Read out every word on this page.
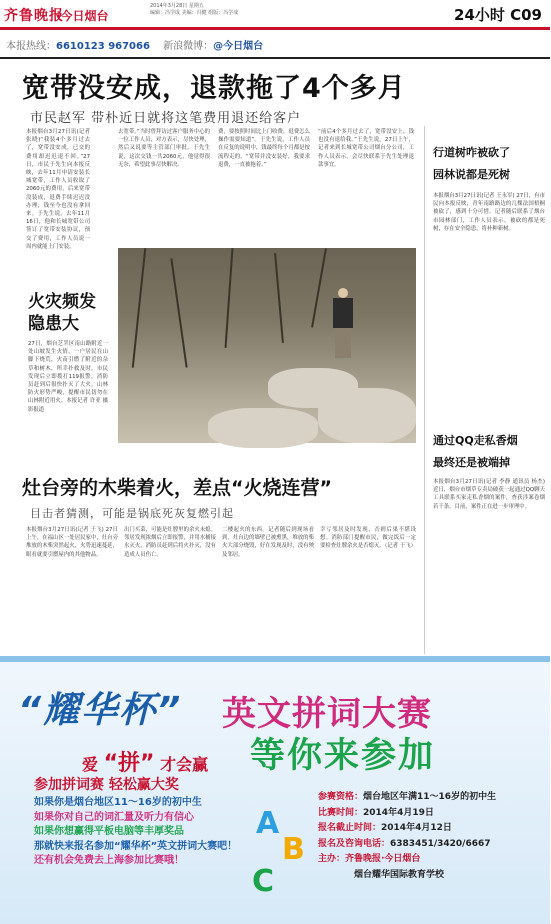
齐鲁晚报
·今日烟台
2014年3月28日 星期五
编辑：冯学成 美编：冯健 组版：冯学成	24小时 C09
本报热线：6610123 967066 新浪微博：@今日烟台
宽带没安成，退款拖了4个多月
市民赵军 带朴近日就将这笔费用退还给客户
本报烟台3月27日讯(记者 张晓)“我装4个多月过去了，宽带没安成，已交的费用却迟迟退不回。”27日，市民于先生向本报反映，去年11月申请安装长城宽带，工作人员收取了2060元的费用，后来宽带没装成，退费手续迟迟没办理，钱至今也没有拿回来。于先生说，去年11月16日，他和长城宽带公司签订了宽带安装协议，预交了费用，工作人员说一周内就能上门安装。
去宽带。”当时曾拜访过客户服务中心的一位工作人员，对方表示，尽快处理，然后又说要等主管部门审批。于先生说，这次交钱一共2060元，他觉得很无奈，希望此事尽快解决。
费，要按照时间比上门收费，退费怎么操作需要知道”。于先生说，工作人员在反复的说明中，钱最终每个月都是按流程走的，“宽带并没安装好，我要求退费，一直被拖着。”
“前后4个多月过去了，宽带没安上，钱也没有退给我。”于先生说。27日上午，记者来到长城宽带公司烟台分公司，工作人员表示，会尽快联系于先生处理退款事宜。
火灾频发
隐患大
27日，烟台芝罘区南山路附近一处山坡发生火情，一户居民在山脚下烧荒，火苗引燃了附近的杂草和树木，所幸扑救及时。市民发现后立即拨打119报警，消防员赶到后很快扑灭了大火。山林防火形势严峻，提醒市民切勿在山林附近用火。本报记者 许亚 摄影报道
行道树咋被砍了
园林说都是死树
本报烟台3月27日讯(记者 王永军) 27日，有市民向本报反映，青年南路路边的几棵法国梧桐被砍了，感到十分可惜。记者随后联系了烟台市园林部门，工作人员表示，被砍的都是死树，存在安全隐患，将补种新树。
通过QQ走私香烟
最终还是被端掉
本报烟台3月27日讯(记者 李静 通讯员 杨杰) 近日，烟台市烟草专卖局破获一起通过QQ聊天工具联系买家走私香烟的案件，查获涉案卷烟若干条。目前，案件正在进一步审理中。
灶台旁的木柴着火，差点“火烧连营”
目击者猜测，可能是锅底死灰复燃引起
本报烟台3月27日讯(记者 于飞) 27日上午，在福山区一处居民家中，灶台旁堆放的木柴突然起火，火势迅速蔓延，眼看就要引燃屋内的其他物品。
出门买菜，可能是灶膛里的余火未熄。邻居发现浓烟后立即报警，并用水桶接水灭火，消防员赶到后将火扑灭，没有造成人员伤亡。
二楼起火的东西。记者随后到现场看到，灶台边的墙壁已被熏黑，堆放的柴火大部分烧毁，好在发现及时，没有殃及邻居。
幸亏邻居及时发现，否则后果不堪设想。消防部门提醒市民，做完饭后一定要检查灶膛余火是否熄灭。（记者 于飞）
“耀华杯” 英文拼词大赛
等你来参加
爱 “拼” 才会赢
参加拼词赛 轻松赢大奖
如果你是烟台地区11～16岁的初中生
如果你对自己的词汇量及听力有信心
如果你想赢得平板电脑等丰厚奖品
那就快来报名参加“耀华杯”英文拼词大赛吧！
还有机会免费去上海参加比赛哦！
A
B
C
参赛资格：烟台地区年满11～16岁的初中生
比赛时间：2014年4月19日
报名截止时间：2014年4月12日
报名及咨询电话：6383451/3420/6667
主办：齐鲁晚报·今日烟台
烟台耀华国际教育学校
